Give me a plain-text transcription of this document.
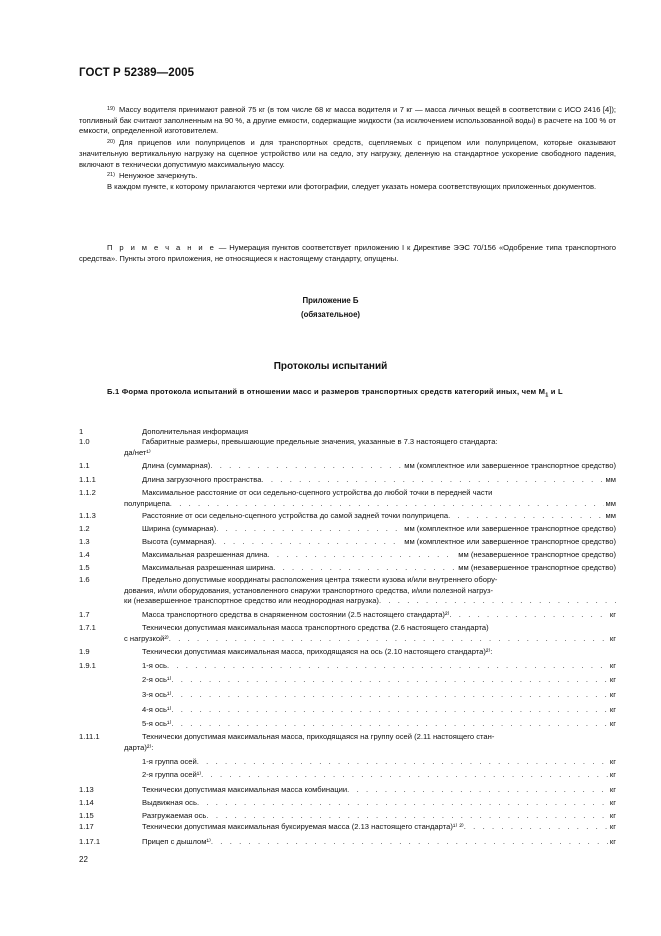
ГОСТ Р 52389—2005

$^{19)}$ Массу водителя принимают равной 75 кг (в том числе 68 кг масса водителя и 7 кг — масса личных вещей в соответствии с ИСО 2416 [4]); топливный бак считают заполненным на 90 %, а другие емкости, содержащие жидкости (за исключением использованной воды) в расчете на 100 % от емкости, определенной изготовителем.

$^{20)}$ Для прицепов или полуприцепов и для транспортных средств, сцепляемых с прицепом или полуприцепом, которые оказывают значительную вертикальную нагрузку на сцепное устройство или на седло, эту нагрузку, деленную на стандартное ускорение свободного падения, включают в технически допустимую максимальную массу.

$^{21)}$ Ненужное зачеркнуть.

В каждом пункте, к которому прилагаются чертежи или фотографии, следует указать номера соответствующих приложенных документов.

П р и м е ч а н и е — Нумерация пунктов соответствует приложению I к Директиве ЭЭС 70/156 «Одобрение типа транспортного средства». Пункты этого приложения, не относящиеся к настоящему стандарту, опущены.
Приложение Б
(обязательное)
Протоколы испытаний
Б.1 Форма протокола испытаний в отношении масс и размеров транспортных средств категорий иных, чем $M_1$ и L
1	Дополнительная информация
1.0	Габаритные размеры, превышающие предельные значения, указанные в 7.3 настоящего стандарта:
да/нет¹⁾
1.1	Длина (суммарная) . . .	мм (комплектное или завершенное транспортное средство)
1.1.1	Длина загрузочного пространства . . .	мм
1.1.2	Максимальное расстояние от оси седельно-сцепного устройства до любой точки в передней части
полуприцепа . . .	мм
1.1.3	Расстояние от оси седельно-сцепного устройства до самой задней точки полуприцепа . . .	мм
1.2	Ширина (суммарная) . . .	мм (комплектное или завершенное транспортное средство)
1.3	Высота (суммарная) . . .	мм (комплектное или завершенное транспортное средство)
1.4	Максимальная разрешенная длина . . .	мм (незавершенное транспортное средство)
1.5	Максимальная разрешенная ширина . . .	мм (незавершенное транспортное средство)
1.6	Предельно допустимые координаты расположения центра тяжести кузова и/или внутреннего обору-
дования, и/или оборудования, установленного снаружи транспортного средства, и/или полезной нагруз-
ки (незавершенное транспортное средство или неоднородная нагрузка)
. . .
1.7	Масса транспортного средства в снаряженном состоянии (2.5 настоящего стандарта)²⁾ . . .	кг
1.7.1	Технически допустимая максимальная масса транспортного средства (2.6 настоящего стандарта)
с нагрузкой²⁾ . . .	кг
1.9	Технически допустимая максимальная масса, приходящаяся на ось (2.10 настоящего стандарта)²⁾:
1.9.1	1-я ось . . .	кг
2-я ось¹⁾ . . .	кг
3-я ось¹⁾ . . .	кг
4-я ось¹⁾ . . .	кг
5-я ось¹⁾ . . .	кг
1.11.1	Технически допустимая максимальная масса, приходящаяся на группу осей (2.11 настоящего стан-
дарта)²⁾:
1-я группа осей . . .	кг
2-я группа осей¹⁾ . . .	кг
1.13	Технически допустимая максимальная масса комбинации . . .	кг
1.14	Выдвижная ось . . .	кг
1.15	Разгружаемая ось . . .	кг
1.17	Технически допустимая максимальная буксируемая масса (2.13 настоящего стандарта)¹⁾ ²⁾ . . .	кг
1.17.1	Прицеп с дышлом¹⁾ . . .	кг
22
